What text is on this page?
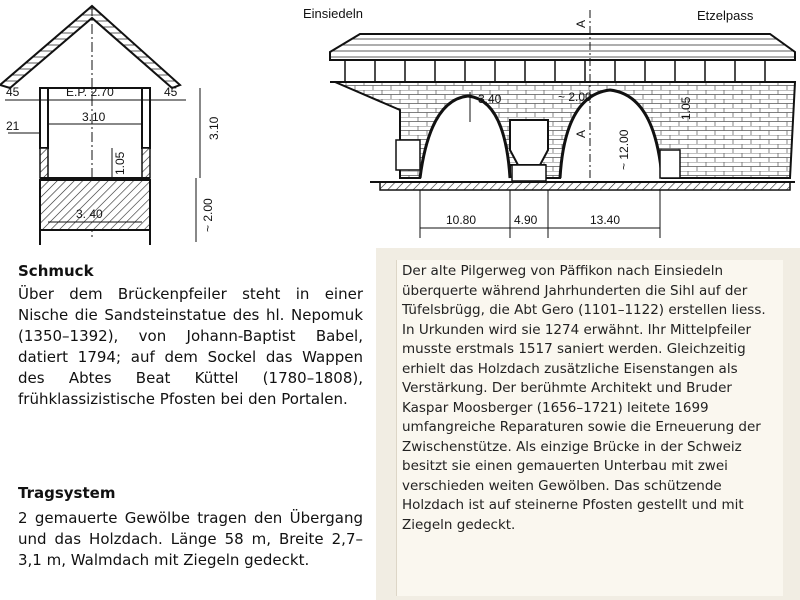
45	45
E.P. 2.70
21
3.10	3.10
1.05
3. 40	~ 2.00
Einsiedeln	Etzelpass
A
A
3.40	~ 2.00	1.05
~ 12.00
10.80	4.90	13.40
Schmuck
Über dem Brückenpfeiler steht in einer Nische die Sandsteinstatue des hl. Nepomuk (1350–1392), von Johann-Baptist Babel, datiert 1794; auf dem Sockel das Wappen des Abtes Beat Küttel (1780–1808), frühklassizistische Pfosten bei den Portalen.
Tragsystem
2 gemauerte Gewölbe tragen den Übergang und das Holzdach. Länge 58 m, Breite 2,7–3,1 m, Walmdach mit Ziegeln gedeckt.
Der alte Pilgerweg von Päffikon nach Einsiedeln überquerte während Jahrhunderten die Sihl auf der Tüfelsbrügg, die Abt Gero (1101–1122) erstellen liess. In Urkunden wird sie 1274 erwähnt. Ihr Mittelpfeiler musste erstmals 1517 saniert werden. Gleichzeitig erhielt das Holzdach zusätzliche Eisenstangen als Verstärkung. Der berühmte Architekt und Bruder Kaspar Moosberger (1656–1721) leitete 1699 umfangreiche Reparaturen sowie die Erneuerung der Zwischenstütze. Als einzige Brücke in der Schweiz besitzt sie einen gemauerten Unterbau mit zwei verschieden weiten Gewölben. Das schützende Holzdach ist auf steinerne Pfosten gestellt und mit Ziegeln gedeckt.
